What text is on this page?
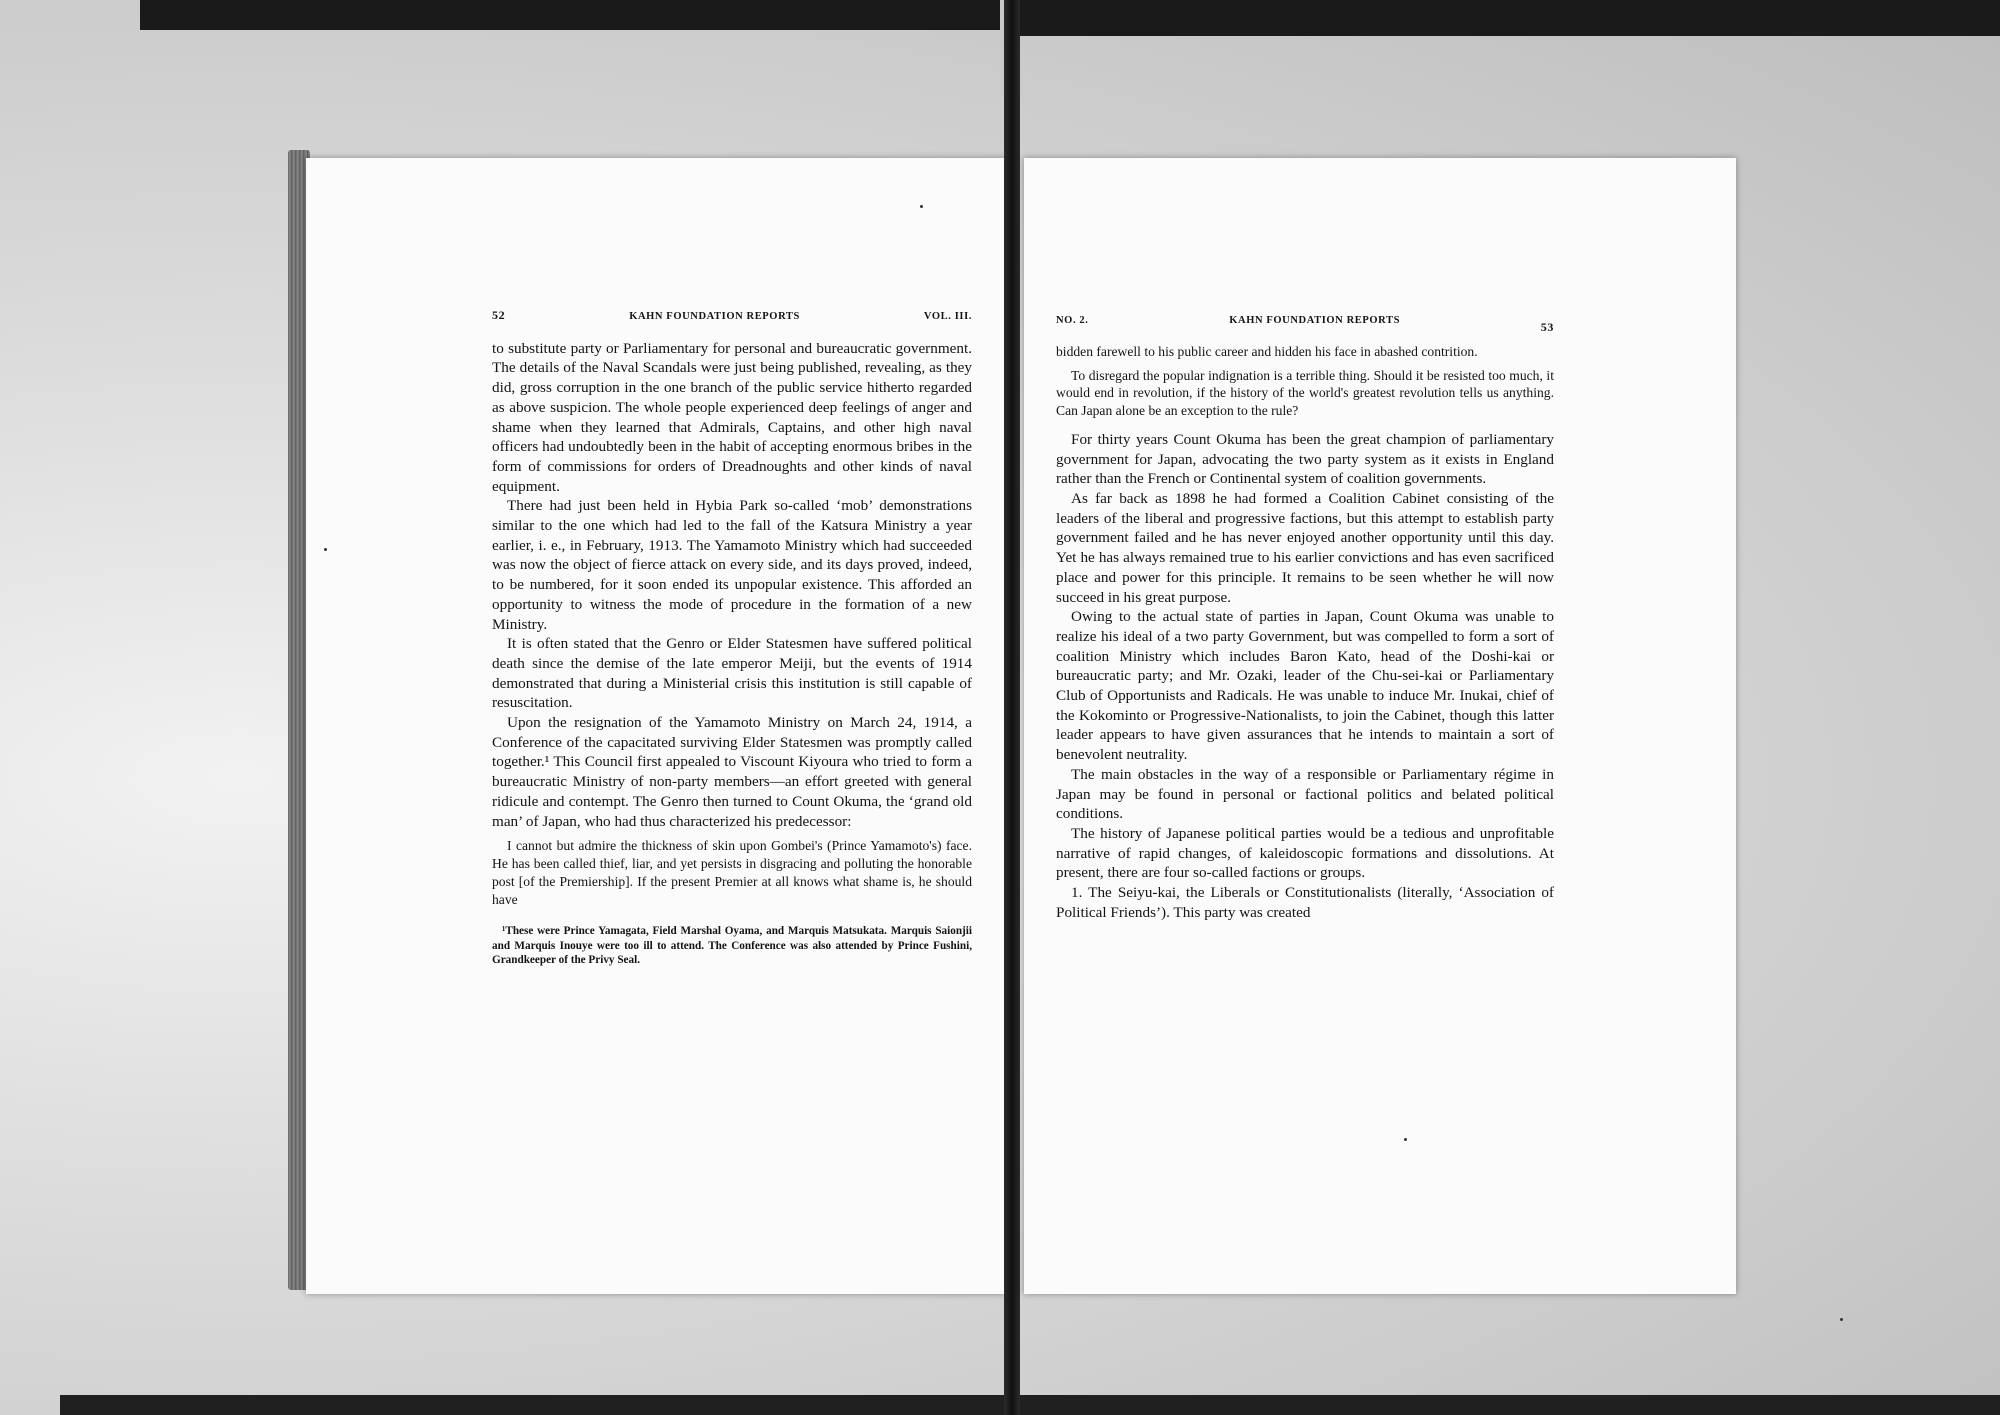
52	KAHN FOUNDATION REPORTS	VOL. III.

to substitute party or Parliamentary for personal and bureaucratic government. The details of the Naval Scandals were just being published, revealing, as they did, gross corruption in the one branch of the public service hitherto regarded as above suspicion. The whole people experienced deep feelings of anger and shame when they learned that Admirals, Captains, and other high naval officers had undoubtedly been in the habit of accepting enormous bribes in the form of commissions for orders of Dreadnoughts and other kinds of naval equipment.

There had just been held in Hybia Park so-called ‘mob’ demonstrations similar to the one which had led to the fall of the Katsura Ministry a year earlier, i. e., in February, 1913. The Yamamoto Ministry which had succeeded was now the object of fierce attack on every side, and its days proved, indeed, to be numbered, for it soon ended its unpopular existence. This afforded an opportunity to witness the mode of procedure in the formation of a new Ministry.

It is often stated that the Genro or Elder Statesmen have suffered political death since the demise of the late emperor Meiji, but the events of 1914 demonstrated that during a Ministerial crisis this institution is still capable of resuscitation.

Upon the resignation of the Yamamoto Ministry on March 24, 1914, a Conference of the capacitated surviving Elder Statesmen was promptly called together.¹ This Council first appealed to Viscount Kiyoura who tried to form a bureaucratic Ministry of non-party members—an effort greeted with general ridicule and contempt. The Genro then turned to Count Okuma, the ‘grand old man’ of Japan, who had thus characterized his predecessor:

I cannot but admire the thickness of skin upon Gombei's (Prince Yamamoto's) face. He has been called thief, liar, and yet persists in disgracing and polluting the honorable post [of the Premiership]. If the present Premier at all knows what shame is, he should have

¹These were Prince Yamagata, Field Marshal Oyama, and Marquis Matsukata. Marquis Saionjii and Marquis Inouye were too ill to attend. The Conference was also attended by Prince Fushini, Grandkeeper of the Privy Seal.

NO. 2.	KAHN FOUNDATION REPORTS	53

bidden farewell to his public career and hidden his face in abashed contrition.

To disregard the popular indignation is a terrible thing. Should it be resisted too much, it would end in revolution, if the history of the world's greatest revolution tells us anything. Can Japan alone be an exception to the rule?

For thirty years Count Okuma has been the great champion of parliamentary government for Japan, advocating the two party system as it exists in England rather than the French or Continental system of coalition governments.

As far back as 1898 he had formed a Coalition Cabinet consisting of the leaders of the liberal and progressive factions, but this attempt to establish party government failed and he has never enjoyed another opportunity until this day. Yet he has always remained true to his earlier convictions and has even sacrificed place and power for this principle. It remains to be seen whether he will now succeed in his great purpose.

Owing to the actual state of parties in Japan, Count Okuma was unable to realize his ideal of a two party Government, but was compelled to form a sort of coalition Ministry which includes Baron Kato, head of the Doshi-kai or bureaucratic party; and Mr. Ozaki, leader of the Chu-sei-kai or Parliamentary Club of Opportunists and Radicals. He was unable to induce Mr. Inukai, chief of the Kokominto or Progressive-Nationalists, to join the Cabinet, though this latter leader appears to have given assurances that he intends to maintain a sort of benevolent neutrality.

The main obstacles in the way of a responsible or Parliamentary régime in Japan may be found in personal or factional politics and belated political conditions.

The history of Japanese political parties would be a tedious and unprofitable narrative of rapid changes, of kaleidoscopic formations and dissolutions. At present, there are four so-called factions or groups.

1. The Seiyu-kai, the Liberals or Constitutionalists (literally, ‘Association of Political Friends’). This party was created
